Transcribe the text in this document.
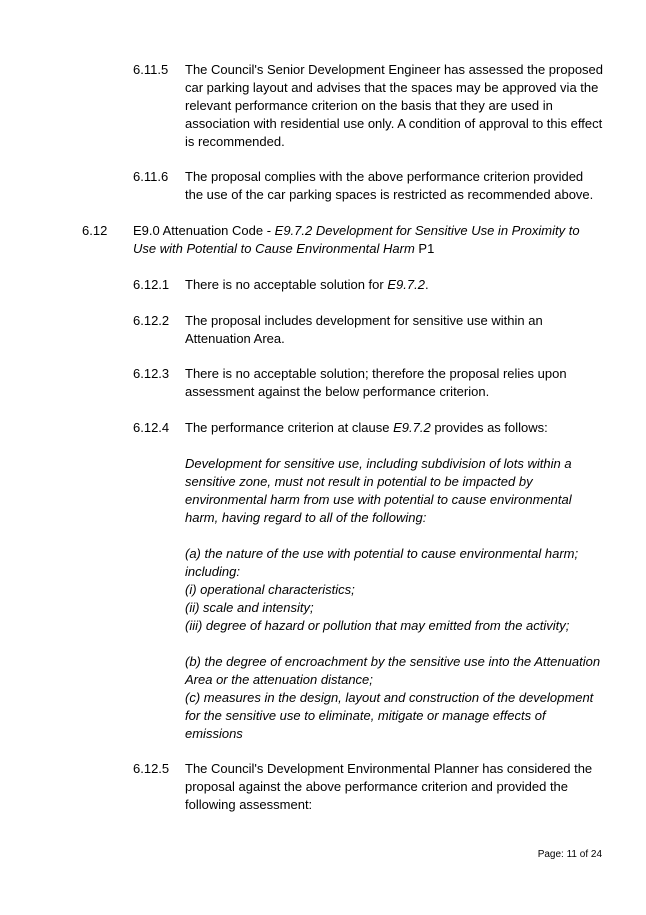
6.11.5 The Council's Senior Development Engineer has assessed the proposed car parking layout and advises that the spaces may be approved via the relevant performance criterion on the basis that they are used in association with residential use only. A condition of approval to this effect is recommended.
6.11.6 The proposal complies with the above performance criterion provided the use of the car parking spaces is restricted as recommended above.
6.12 E9.0 Attenuation Code - E9.7.2 Development for Sensitive Use in Proximity to Use with Potential to Cause Environmental Harm P1
6.12.1 There is no acceptable solution for E9.7.2.
6.12.2 The proposal includes development for sensitive use within an Attenuation Area.
6.12.3 There is no acceptable solution; therefore the proposal relies upon assessment against the below performance criterion.
6.12.4 The performance criterion at clause E9.7.2 provides as follows:
Development for sensitive use, including subdivision of lots within a sensitive zone, must not result in potential to be impacted by environmental harm from use with potential to cause environmental harm, having regard to all of the following:
(a) the nature of the use with potential to cause environmental harm; including:
(i) operational characteristics;
(ii) scale and intensity;
(iii) degree of hazard or pollution that may emitted from the activity;
(b) the degree of encroachment by the sensitive use into the Attenuation Area or the attenuation distance;
(c) measures in the design, layout and construction of the development for the sensitive use to eliminate, mitigate or manage effects of emissions
6.12.5 The Council's Development Environmental Planner has considered the proposal against the above performance criterion and provided the following assessment:
Page: 11 of 24
